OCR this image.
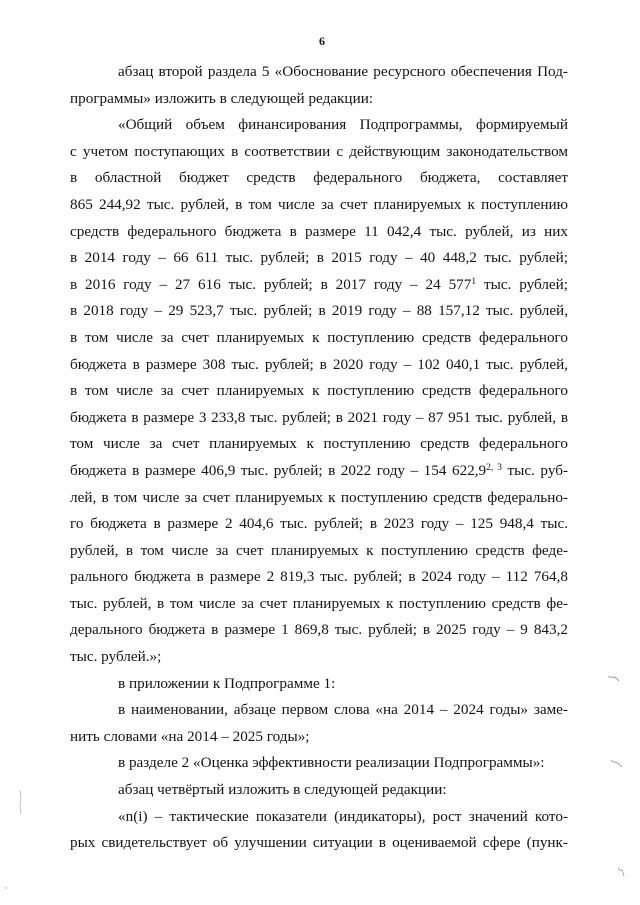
6
абзац второй раздела 5 «Обоснование ресурсного обеспечения Под-
программы» изложить в следующей редакции:
«Общий объем финансирования Подпрограммы, формируемый
с учетом поступающих в соответствии с действующим законодательством
в областной бюджет средств федерального бюджета, составляет
865 244,92 тыс. рублей, в том числе за счет планируемых к поступлению
средств федерального бюджета в размере 11 042,4 тыс. рублей, из них
в 2014 году – 66 611 тыс. рублей; в 2015 году – 40 448,2 тыс. рублей;
в 2016 году – 27 616 тыс. рублей; в 2017 году – 24 $577^1$ тыс. рублей;
в 2018 году – 29 523,7 тыс. рублей; в 2019 году – 88 157,12 тыс. рублей,
в том числе за счет планируемых к поступлению средств федерального
бюджета в размере 308 тыс. рублей; в 2020 году – 102 040,1 тыс. рублей,
в том числе за счет планируемых к поступлению средств федерального
бюджета в размере 3 233,8 тыс. рублей; в 2021 году – 87 951 тыс. рублей, в
том числе за счет планируемых к поступлению средств федерального
бюджета в размере 406,9 тыс. рублей; в 2022 году – 154 622,9$^{2, 3}$ тыс. руб-
лей, в том числе за счет планируемых к поступлению средств федерально-
го бюджета в размере 2 404,6 тыс. рублей; в 2023 году – 125 948,4 тыс.
рублей, в том числе за счет планируемых к поступлению средств феде-
рального бюджета в размере 2 819,3 тыс. рублей; в 2024 году – 112 764,8
тыс. рублей, в том числе за счет планируемых к поступлению средств фе-
дерального бюджета в размере 1 869,8 тыс. рублей; в 2025 году – 9 843,2
тыс. рублей.»;
в приложении к Подпрограмме 1:
в наименовании, абзаце первом слова «на 2014 – 2024 годы» заме-
нить словами «на 2014 – 2025 годы»;
в разделе 2 «Оценка эффективности реализации Подпрограммы»:
абзац четвёртый изложить в следующей редакции:
«n(i) – тактические показатели (индикаторы), рост значений кото-
рых свидетельствует об улучшении ситуации в оцениваемой сфере (пунк-
